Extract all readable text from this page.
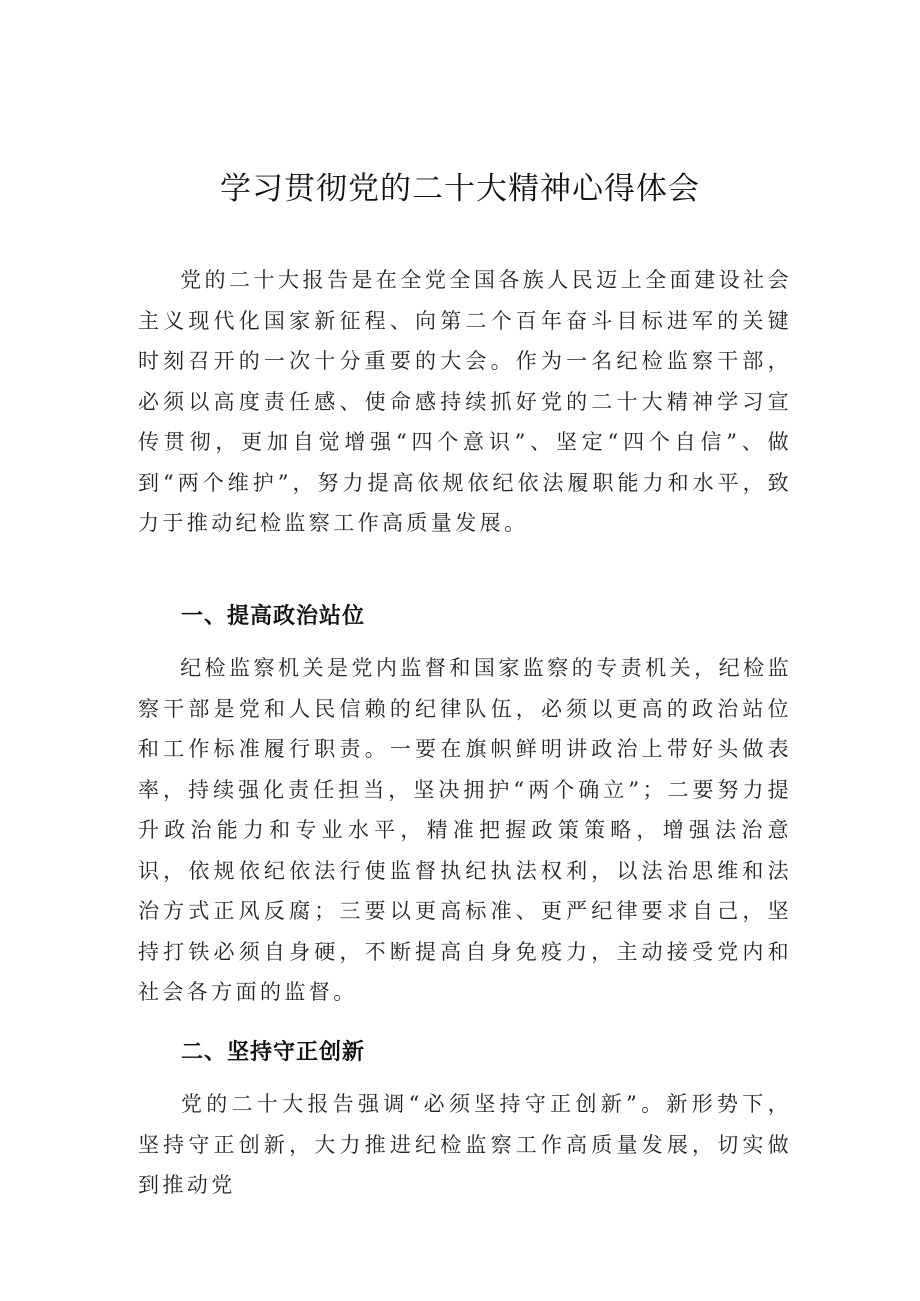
学习贯彻党的二十大精神心得体会

党的二十大报告是在全党全国各族人民迈上全面建设社会主义现代化国家新征程、向第二个百年奋斗目标进军的关键时刻召开的一次十分重要的大会。作为一名纪检监察干部，必须以高度责任感、使命感持续抓好党的二十大精神学习宣传贯彻，更加自觉增强“四个意识”、坚定“四个自信”、做到“两个维护”，努力提高依规依纪依法履职能力和水平，致力于推动纪检监察工作高质量发展。

一、提高政治站位

纪检监察机关是党内监督和国家监察的专责机关，纪检监察干部是党和人民信赖的纪律队伍，必须以更高的政治站位和工作标准履行职责。一要在旗帜鲜明讲政治上带好头做表率，持续强化责任担当，坚决拥护“两个确立”；二要努力提升政治能力和专业水平，精准把握政策策略，增强法治意识，依规依纪依法行使监督执纪执法权利，以法治思维和法治方式正风反腐；三要以更高标准、更严纪律要求自己，坚持打铁必须自身硬，不断提高自身免疫力，主动接受党内和社会各方面的监督。

二、坚持守正创新

党的二十大报告强调“必须坚持守正创新”。新形势下，坚持守正创新，大力推进纪检监察工作高质量发展，切实做到推动党
